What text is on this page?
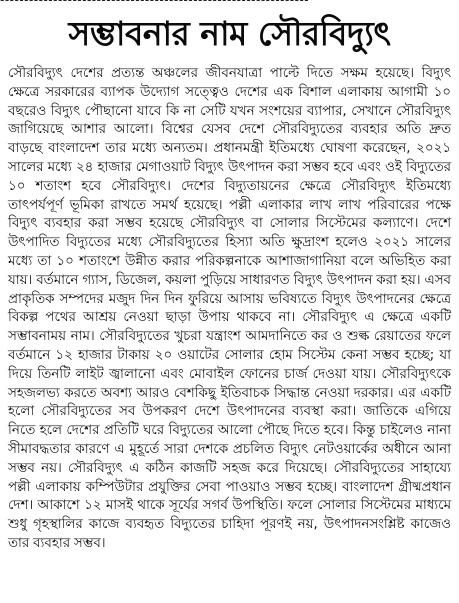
----------------------------------------------------------------
সম্ভাবনার নাম সৌরবিদ্যুৎ

সৌরবিদ্যুৎ দেশের প্রত্যন্ত অঞ্চলের জীবনযাত্রা পাল্টে দিতে সক্ষম হয়েছে। বিদ্যুৎ ক্ষেত্রে সরকারের ব্যাপক উদ্যোগ সত্ত্বেও দেশের এক বিশাল এলাকায় আগামী ১০ বছরেও বিদ্যুৎ পৌছানো যাবে কি না সেটি যখন সংশয়ের ব্যাপার, সেখানে সৌরবিদ্যুৎ জাগিয়েছে আশার আলো। বিশ্বের যেসব দেশে সৌরবিদ্যুতের ব্যবহার অতি দ্রুত বাড়ছে বাংলাদেশ তার মধ্যে অন্যতম। প্রধানমন্ত্রী ইতিমধ্যে ঘোষণা করেছেন, ২০২১ সালের মধ্যে ২৪ হাজার মেগাওয়াট বিদ্যুৎ উৎপাদন করা সম্ভব হবে এবং ওই বিদ্যুতের ১০ শতাংশ হবে সৌরবিদ্যুৎ। দেশের বিদ্যুতায়নের ক্ষেত্রে সৌরবিদ্যুৎ ইতিমধ্যে তাৎপর্যপূর্ণ ভূমিকা রাখতে সমর্থ হয়েছে। পল্লী এলাকার লাখ লাখ পরিবারের পক্ষে বিদ্যুৎ ব্যবহার করা সম্ভব হয়েছে সৌরবিদ্যুৎ বা সোলার সিস্টেমের কল্যাণে। দেশে উৎপাদিত বিদ্যুতের মধ্যে সৌরবিদ্যুতের হিস্যা অতি ক্ষুদ্রাংশ হলেও ২০২১ সালের মধ্যে তা ১০ শতাংশে উন্নীত করার পরিকল্পনাকে আশাজাগানিয়া বলে অভিহিত করা যায়। বর্তমানে গ্যাস, ডিজেল, কয়লা পুড়িয়ে সাধারণত বিদ্যুৎ উৎপাদন করা হয়। এসব প্রাকৃতিক সম্পদের মজুদ দিন দিন ফুরিয়ে আসায় ভবিষ্যতে বিদ্যুৎ উৎপাদনের ক্ষেত্রে বিকল্প পথের আশ্রয় নেওয়া ছাড়া উপায় থাকবে না। সৌরবিদ্যুৎ এ ক্ষেত্রে একটি সম্ভাবনাময় নাম। সৌরবিদ্যুতের খুচরা যন্ত্রাংশ আমদানিতে কর ও শুল্ক রেয়াতের ফলে বর্তমানে ১২ হাজার টাকায় ২০ ওয়াটের সোলার হোম সিস্টেম কেনা সম্ভব হচ্ছে; যা দিয়ে তিনটি লাইট জ্বালানো এবং মোবাইল ফোনের চার্জ দেওয়া যায়। সৌরবিদ্যুৎকে সহজলভ্য করতে অবশ্য আরও বেশকিছু ইতিবাচক সিদ্ধান্ত নেওয়া দরকার। এর একটি হলো সৌরবিদ্যুতের সব উপকরণ দেশে উৎপাদনের ব্যবস্থা করা। জাতিকে এগিয়ে নিতে হলে দেশের প্রতিটি ঘরে বিদ্যুতের আলো পৌছে দিতে হবে। কিন্তু চাইলেও নানা সীমাবদ্ধতার কারণে এ মুহূর্তে সারা দেশকে প্রচলিত বিদ্যুৎ নেটওয়ার্কের অধীনে আনা সম্ভব নয়। সৌরবিদ্যুৎ এ কঠিন কাজটি সহজ করে দিয়েছে। সৌরবিদ্যুতের সাহায্যে পল্লী এলাকায় কম্পিউটার প্রযুক্তির সেবা পাওয়াও সম্ভব হচ্ছে। বাংলাদেশ গ্রীষ্মপ্রধান দেশ। আকাশে ১২ মাসই থাকে সূর্যের সগর্ব উপস্থিতি। ফলে সোলার সিস্টেমের মাধ্যমে শুধু গৃহস্থালির কাজে ব্যবহৃত বিদ্যুতের চাহিদা পূরণই নয়, উৎপাদনসংশ্লিষ্ট কাজেও তার ব্যবহার সম্ভব।
